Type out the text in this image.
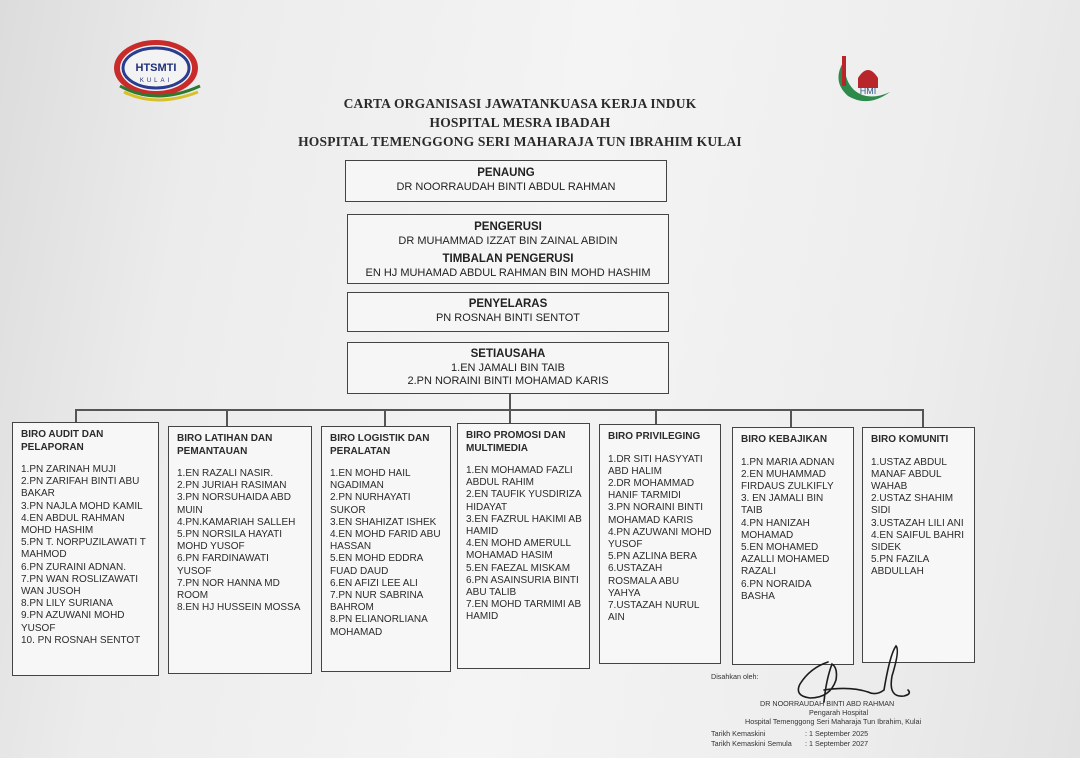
HTSMTI
KULAI
HMI
CARTA ORGANISASI JAWATANKUASA KERJA INDUK
HOSPITAL MESRA IBADAH
HOSPITAL TEMENGGONG SERI MAHARAJA TUN IBRAHIM KULAI
PENAUNG
DR NOORRAUDAH BINTI ABDUL RAHMAN
PENGERUSI
DR MUHAMMAD IZZAT BIN ZAINAL ABIDIN
TIMBALAN PENGERUSI
EN HJ MUHAMAD ABDUL RAHMAN BIN MOHD HASHIM
PENYELARAS
PN ROSNAH BINTI SENTOT
SETIAUSAHA
1.EN JAMALI BIN TAIB
2.PN NORAINI BINTI MOHAMAD KARIS
BIRO AUDIT DAN PELAPORAN
1.PN ZARINAH MUJI
2.PN ZARIFAH BINTI ABU BAKAR
3.PN NAJLA MOHD KAMIL
4.EN ABDUL RAHMAN MOHD HASHIM
5.PN T. NORPUZILAWATI T MAHMOD
6.PN ZURAINI ADNAN.
7.PN WAN ROSLIZAWATI WAN JUSOH
8.PN LILY SURIANA
9.PN AZUWANI MOHD YUSOF
10. PN ROSNAH SENTOT
BIRO LATIHAN DAN PEMANTAUAN
1.EN RAZALI NASIR.
2.PN JURIAH RASIMAN
3.PN NORSUHAIDA ABD MUIN
4.PN.KAMARIAH SALLEH
5.PN NORSILA HAYATI MOHD YUSOF
6.PN FARDINAWATI YUSOF
7.PN NOR HANNA MD ROOM
8.EN HJ HUSSEIN MOSSA
BIRO LOGISTIK DAN PERALATAN
1.EN MOHD HAIL NGADIMAN
2.PN NURHAYATI SUKOR
3.EN SHAHIZAT ISHEK
4.EN MOHD FARID ABU HASSAN
5.EN MOHD EDDRA FUAD DAUD
6.EN AFIZI LEE ALI
7.PN NUR SABRINA BAHROM
8.PN ELIANORLIANA MOHAMAD
BIRO PROMOSI DAN MULTIMEDIA
1.EN MOHAMAD FAZLI ABDUL RAHIM
2.EN TAUFIK YUSDIRIZA HIDAYAT
3.EN FAZRUL HAKIMI AB HAMID
4.EN MOHD AMERULL MOHAMAD HASIM
5.EN FAEZAL MISKAM
6.PN ASAINSURIA BINTI ABU TALIB
7.EN MOHD TARMIMI AB HAMID
BIRO PRIVILEGING
1.DR SITI HASYYATI ABD HALIM
2.DR MOHAMMAD HANIF TARMIDI
3.PN NORAINI BINTI MOHAMAD KARIS
4.PN AZUWANI MOHD YUSOF
5.PN AZLINA BERA
6.USTAZAH ROSMALA ABU YAHYA
7.USTAZAH NURUL AIN
BIRO KEBAJIKAN
1.PN MARIA ADNAN
2.EN MUHAMMAD FIRDAUS ZULKIFLY
3. EN JAMALI BIN TAIB
4.PN HANIZAH MOHAMAD
5.EN MOHAMED AZALLI MOHAMED RAZALI
6.PN NORAIDA BASHA
BIRO KOMUNITI
1.USTAZ ABDUL MANAF ABDUL WAHAB
2.USTAZ SHAHIM SIDI
3.USTAZAH LILI ANI
4.EN SAIFUL BAHRI SIDEK
5.PN FAZILA ABDULLAH
Disahkan oleh:
DR NOORRAUDAH BINTI ABD RAHMAN
Pengarah Hospital
Hospital Temenggong Seri Maharaja Tun Ibrahim, Kulai
Tarikh Kemaskini	: 1 September 2025
Tarikh Kemaskini Semula : 1 September 2027
